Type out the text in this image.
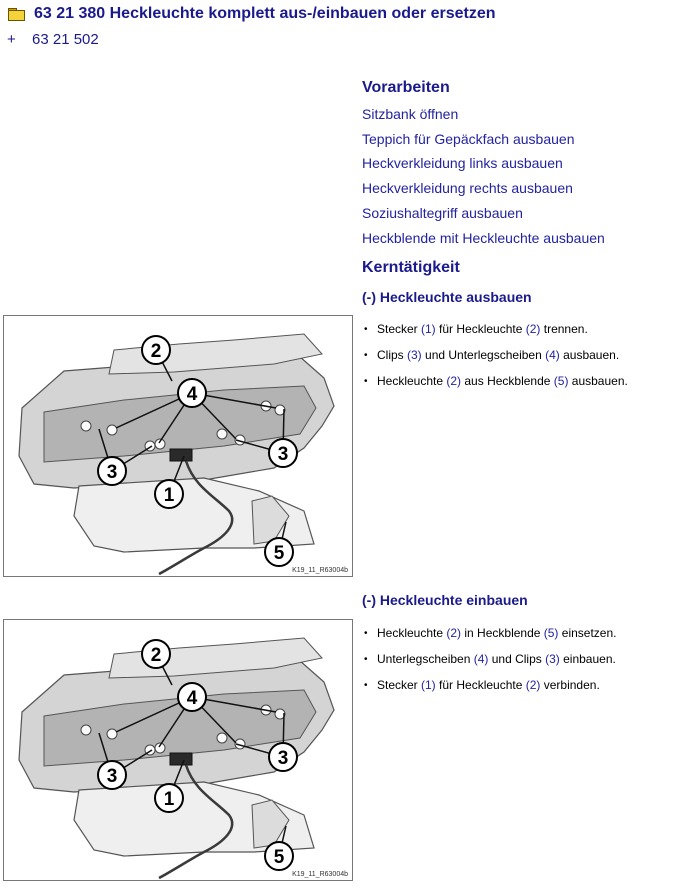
63 21 380 Heckleuchte komplett aus-/einbauen oder ersetzen
+ 63 21 502
Vorarbeiten
Sitzbank öffnen
Teppich für Gepäckfach ausbauen
Heckverkleidung links ausbauen
Heckverkleidung rechts ausbauen
Soziushaltegriff ausbauen
Heckblende mit Heckleuchte ausbauen
Kerntätigkeit
(-) Heckleuchte ausbauen
• Stecker (1) für Heckleuchte (2) trennen.
• Clips (3) und Unterlegscheiben (4) ausbauen.
• Heckleuchte (2) aus Heckblende (5) ausbauen.
(-) Heckleuchte einbauen
• Heckleuchte (2) in Heckblende (5) einsetzen.
• Unterlegscheiben (4) und Clips (3) einbauen.
• Stecker (1) für Heckleuchte (2) verbinden.
1
2
3
3
4
5
K19_11_R63004b
1
2
3
3
4
5
K19_11_R63004b
